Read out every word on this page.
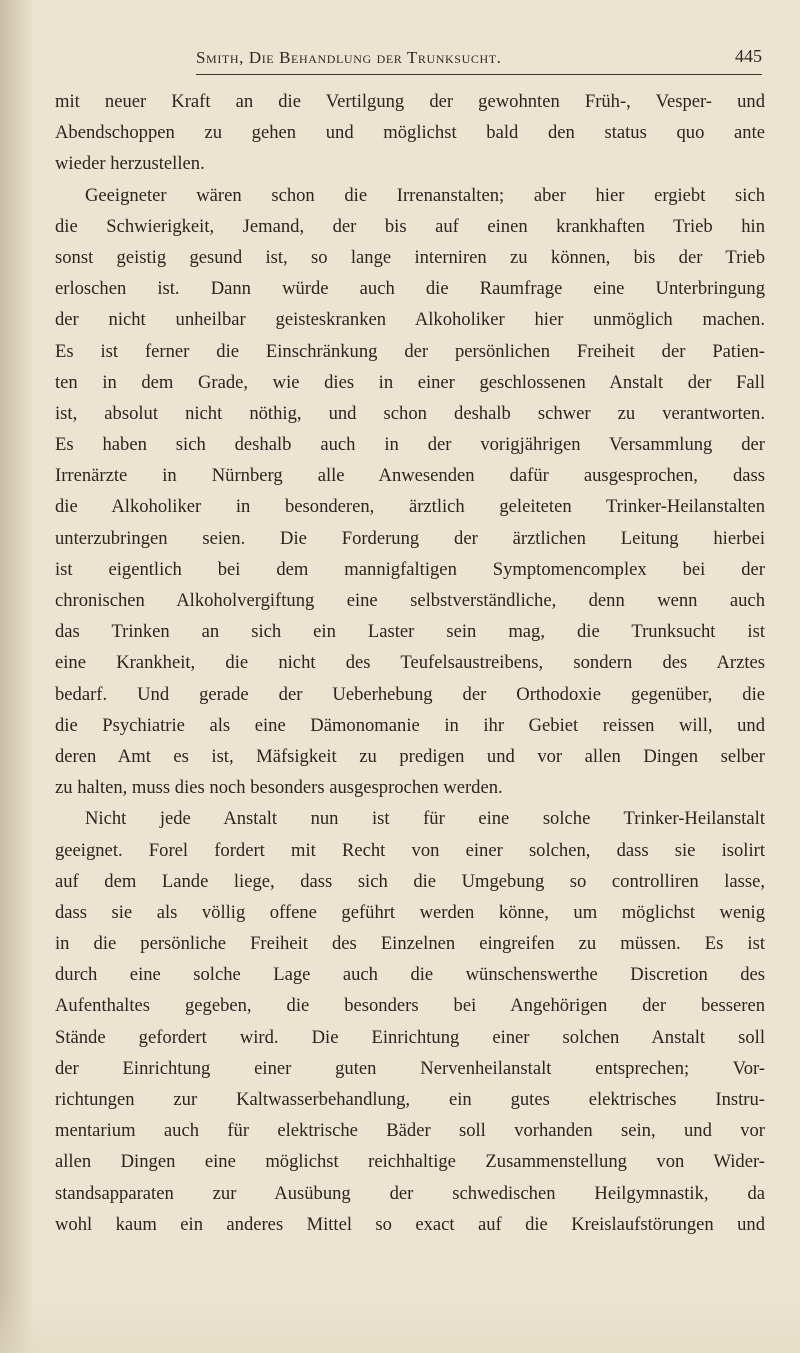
Smith, Die Behandlung der Trunksucht.	445
mit neuer Kraft an die Vertilgung der gewohnten Früh-, Vesper- und
Abendschoppen zu gehen und möglichst bald den status quo ante
wieder herzustellen.
Geeigneter wären schon die Irrenanstalten; aber hier ergiebt sich
die Schwierigkeit, Jemand, der bis auf einen krankhaften Trieb hin
sonst geistig gesund ist, so lange interniren zu können, bis der Trieb
erloschen ist. Dann würde auch die Raumfrage eine Unterbringung
der nicht unheilbar geisteskranken Alkoholiker hier unmöglich machen.
Es ist ferner die Einschränkung der persönlichen Freiheit der Patien-
ten in dem Grade, wie dies in einer geschlossenen Anstalt der Fall
ist, absolut nicht nöthig, und schon deshalb schwer zu verantworten.
Es haben sich deshalb auch in der vorigjährigen Versammlung der
Irrenärzte in Nürnberg alle Anwesenden dafür ausgesprochen, dass
die Alkoholiker in besonderen, ärztlich geleiteten Trinker-Heilanstalten
unterzubringen seien. Die Forderung der ärztlichen Leitung hierbei
ist eigentlich bei dem mannigfaltigen Symptomencomplex bei der
chronischen Alkoholvergiftung eine selbstverständliche, denn wenn auch
das Trinken an sich ein Laster sein mag, die Trunksucht ist
eine Krankheit, die nicht des Teufelsaustreibens, sondern des Arztes
bedarf. Und gerade der Ueberhebung der Orthodoxie gegenüber, die
die Psychiatrie als eine Dämonomanie in ihr Gebiet reissen will, und
deren Amt es ist, Mäfsigkeit zu predigen und vor allen Dingen selber
zu halten, muss dies noch besonders ausgesprochen werden.
Nicht jede Anstalt nun ist für eine solche Trinker-Heilanstalt
geeignet. Forel fordert mit Recht von einer solchen, dass sie isolirt
auf dem Lande liege, dass sich die Umgebung so controlliren lasse,
dass sie als völlig offene geführt werden könne, um möglichst wenig
in die persönliche Freiheit des Einzelnen eingreifen zu müssen. Es ist
durch eine solche Lage auch die wünschenswerthe Discretion des
Aufenthaltes gegeben, die besonders bei Angehörigen der besseren
Stände gefordert wird. Die Einrichtung einer solchen Anstalt soll
der Einrichtung einer guten Nervenheilanstalt entsprechen; Vor-
richtungen zur Kaltwasserbehandlung, ein gutes elektrisches Instru-
mentarium auch für elektrische Bäder soll vorhanden sein, und vor
allen Dingen eine möglichst reichhaltige Zusammenstellung von Wider-
standsapparaten zur Ausübung der schwedischen Heilgymnastik, da
wohl kaum ein anderes Mittel so exact auf die Kreislaufstörungen und
